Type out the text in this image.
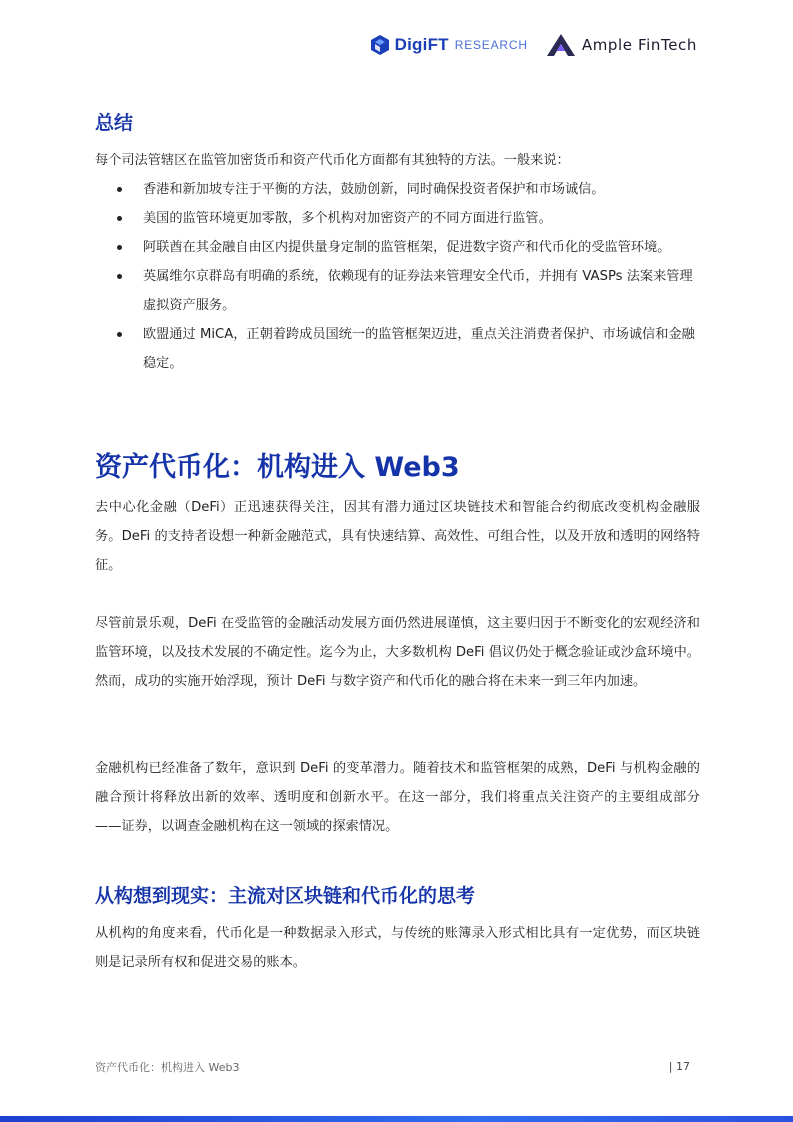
DigiFT RESEARCH	Ample FinTech
总结

每个司法管辖区在监管加密货币和资产代币化方面都有其独特的方法。一般来说：

香港和新加坡专注于平衡的方法，鼓励创新，同时确保投资者保护和市场诚信。
美国的监管环境更加零散，多个机构对加密资产的不同方面进行监管。
阿联酋在其金融自由区内提供量身定制的监管框架，促进数字资产和代币化的受监管环境。
英属维尔京群岛有明确的系统，依赖现有的证券法来管理安全代币，并拥有 VASPs 法案来管理虚拟资产服务。
欧盟通过 MiCA，正朝着跨成员国统一的监管框架迈进，重点关注消费者保护、市场诚信和金融稳定。
资产代币化：机构进入 Web3

去中心化金融（DeFi）正迅速获得关注，因其有潜力通过区块链技术和智能合约彻底改变机构金融服务。DeFi 的支持者设想一种新金融范式，具有快速结算、高效性、可组合性，以及开放和透明的网络特征。

尽管前景乐观，DeFi 在受监管的金融活动发展方面仍然进展谨慎，这主要归因于不断变化的宏观经济和监管环境，以及技术发展的不确定性。迄今为止，大多数机构 DeFi 倡议仍处于概念验证或沙盒环境中。然而，成功的实施开始浮现，预计 DeFi 与数字资产和代币化的融合将在未来一到三年内加速。

金融机构已经准备了数年，意识到 DeFi 的变革潜力。随着技术和监管框架的成熟，DeFi 与机构金融的融合预计将释放出新的效率、透明度和创新水平。在这一部分，我们将重点关注资产的主要组成部分——证券，以调查金融机构在这一领域的探索情况。

从构想到现实：主流对区块链和代币化的思考

从机构的角度来看，代币化是一种数据录入形式，与传统的账簿录入形式相比具有一定优势，而区块链则是记录所有权和促进交易的账本。

资产代币化：机构进入 Web3	| 17
